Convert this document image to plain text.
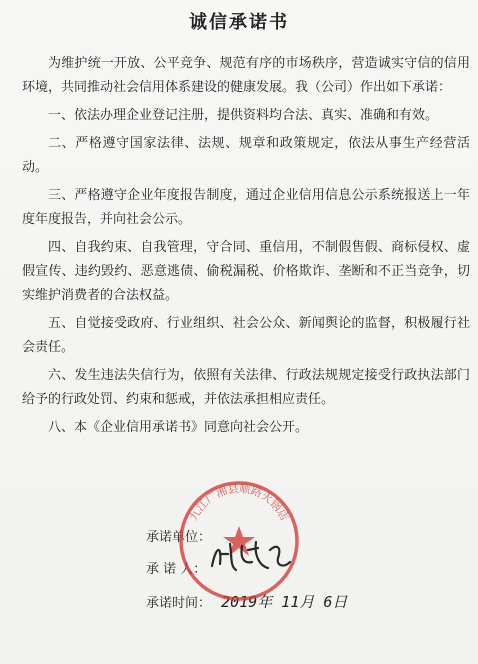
诚信承诺书

为维护统一开放、公平竞争、规范有序的市场秩序，营造诚实守信的信用环境，共同推动社会信用体系建设的健康发展。我（公司）作出如下承诺：

一、依法办理企业登记注册，提供资料均合法、真实、准确和有效。

二、严格遵守国家法律、法规、规章和政策规定，依法从事生产经营活动。

三、严格遵守企业年度报告制度，通过企业信用信息公示系统报送上一年度年度报告，并向社会公示。

四、自我约束、自我管理，守合同、重信用，不制假售假、商标侵权、虚假宣传、违约毁约、恶意逃债、偷税漏税、价格欺诈、垄断和不正当竞争，切实维护消费者的合法权益。

五、自觉接受政府、行业组织、社会公众、新闻舆论的监督，积极履行社会责任。

六、发生违法失信行为，依照有关法律、行政法规规定接受行政执法部门给予的行政处罚、约束和惩戒，并依法承担相应责任。

八、本《企业信用承诺书》同意向社会公开。

承诺单位：
承 诺 人：
承诺时间： 2019年 11月 6日
九江广湘县顺路火锅店
